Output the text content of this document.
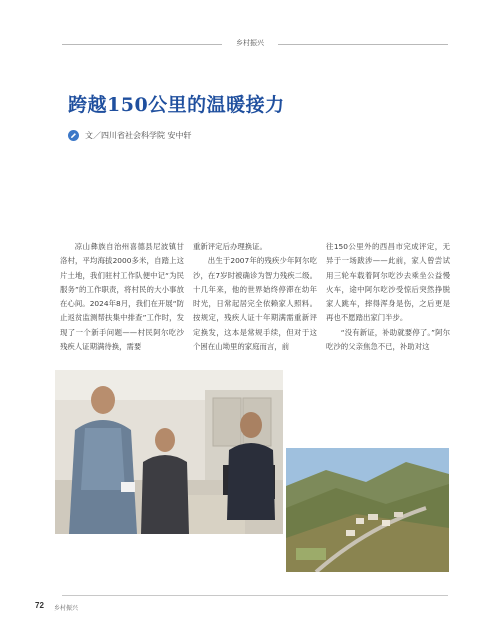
乡村振兴
跨越150公里的温暖接力
文／四川省社会科学院 安中轩

凉山彝族自治州喜德县尼波镇甘洛村，平均海拔2000多米，自踏上这片土地，我们驻村工作队便中记“为民服务”的工作职责，将村民的大小事放在心间。2024年8月，我们在开展“防止返贫监测帮扶集中排查”工作时，发现了一个新手问题——村民阿尔吃沙残疾人证期满待换，需要

重新评定后办理换证。

出生于2007年的残疾少年阿尔吃沙，在7岁时被确诊为智力残疾二级。十几年来，他的世界始终停滞在幼年时光，日常起居完全依赖家人照料。按规定，残疾人证十年期满需重新评定换发，这本是常规手续，但对于这个困在山坳里的家庭而言，前

往150公里外的西昌市完成评定，无异于一场跋涉——此前，家人曾尝试用三轮车载着阿尔吃沙去乘坐公益慢火车，途中阿尔吃沙受惊后突然挣脱家人跳车，摔得浑身是伤，之后更是再也不愿踏出家门半步。

“没有新证，补助就要停了。”阿尔吃沙的父亲焦急不已，补助对这

72 乡村振兴
